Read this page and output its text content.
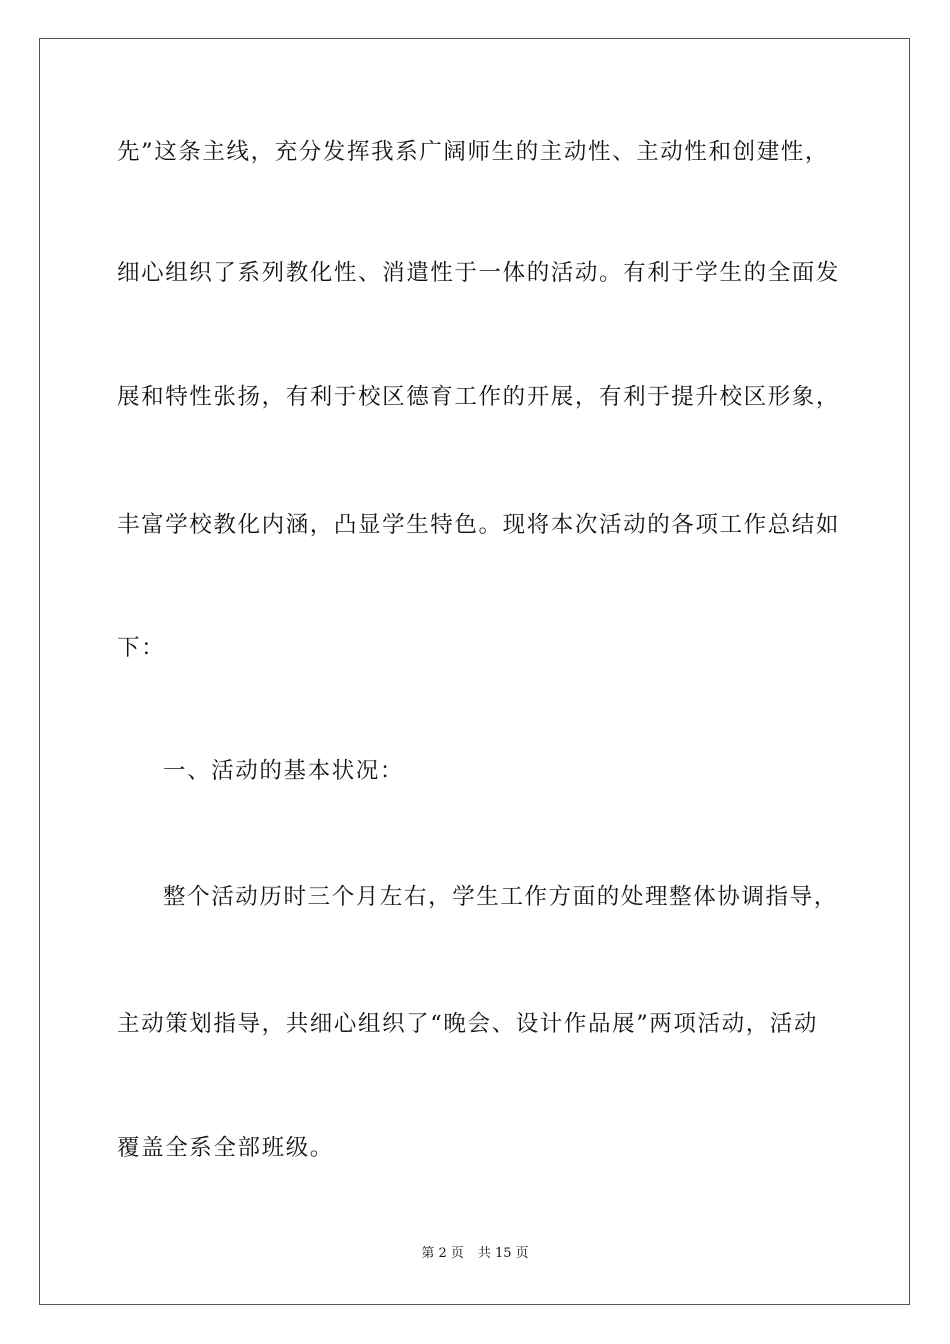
先”这条主线，充分发挥我系广阔师生的主动性、主动性和创建性，
细心组织了系列教化性、消遣性于一体的活动。有利于学生的全面发
展和特性张扬，有利于校区德育工作的开展，有利于提升校区形象，
丰富学校教化内涵，凸显学生特色。现将本次活动的各项工作总结如
下：
一、活动的基本状况：
整个活动历时三个月左右，学生工作方面的处理整体协调指导，
主动策划指导，共细心组织了“晚会、设计作品展”两项活动，活动
覆盖全系全部班级。
第 2 页 共 15 页
